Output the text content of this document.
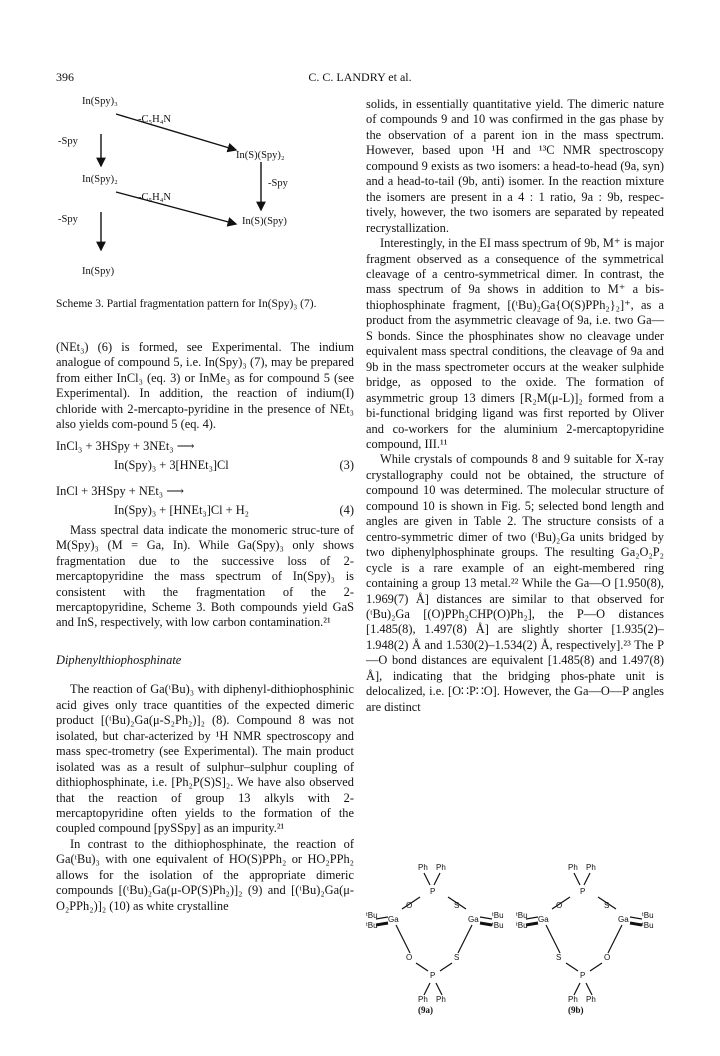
396	C. C. LANDRY et al.
In(Spy)₃
In(S)(Spy)₂
In(Spy)₂
In(S)(Spy)
In(Spy)
-C₅H₄N
-Spy
-Spy
-C₅H₄N
-Spy
Scheme 3. Partial fragmentation pattern for In(Spy)₃ (7).

(NEt₃) (6) is formed, see Experimental. The indium analogue of compound 5, i.e. In(Spy)₃ (7), may be prepared from either InCl₃ (eq. 3) or InMe₃ as for compound 5 (see Experimental). In addition, the reaction of indium(I) chloride with 2-mercapto-pyridine in the presence of NEt₃ also yields com-pound 5 (eq. 4).

InCl₃ + 3HSpy + 3NEt₃ ⟶
In(Spy)₃ + 3[HNEt₃]Cl	(3)
InCl + 3HSpy + NEt₃ ⟶
In(Spy)₃ + [HNEt₃]Cl + H₂	(4)

Mass spectral data indicate the monomeric struc-ture of M(Spy)₃ (M = Ga, In). While Ga(Spy)₃ only shows fragmentation due to the successive loss of 2-mercaptopyridine the mass spectrum of In(Spy)₃ is consistent with the fragmentation of the 2-mercaptopyridine, Scheme 3. Both compounds yield GaS and InS, respectively, with low carbon contamination.²¹

Diphenylthiophosphinate

The reaction of Ga(ᵗBu)₃ with diphenyl-dithiophosphinic acid gives only trace quantities of the expected dimeric product [(ᵗBu)₂Ga(μ-S₂Ph₂)]₂ (8). Compound 8 was not isolated, but char-acterized by ¹H NMR spectroscopy and mass spec-trometry (see Experimental). The main product isolated was as a result of sulphur–sulphur coupling of dithiophosphinate, i.e. [Ph₂P(S)S]₂. We have also observed that the reaction of group 13 alkyls with 2-mercaptopyridine often yields to the formation of the coupled compound [pySSpy] as an impurity.²¹

In contrast to the dithiophosphinate, the reaction of Ga(ᵗBu)₃ with one equivalent of HO(S)PPh₂ or HO₂PPh₂ allows for the isolation of the appropriate dimeric compounds [(ᵗBu)₂Ga(μ-OP(S)Ph₂)]₂ (9) and [(ᵗBu)₂Ga(μ-O₂PPh₂)]₂ (10) as white crystalline

solids, in essentially quantitative yield. The dimeric nature of compounds 9 and 10 was confirmed in the gas phase by the observation of a parent ion in the mass spectrum. However, based upon ¹H and ¹³C NMR spectroscopy compound 9 exists as two isomers: a head-to-head (9a, syn) and a head-to-tail (9b, anti) isomer. In the reaction mixture the isomers are present in a 4 : 1 ratio, 9a : 9b, respec-tively, however, the two isomers are separated by repeated recrystallization.

Interestingly, in the EI mass spectrum of 9b, M⁺ is major fragment observed as a consequence of the symmetrical cleavage of a centro-symmetrical dimer. In contrast, the mass spectrum of 9a shows in addition to M⁺ a bis-thiophosphinate fragment, [(ᵗBu)₂Ga{O(S)PPh₂}₂]⁺, as a product from the asymmetric cleavage of 9a, i.e. two Ga—S bonds. Since the phosphinates show no cleavage under equivalent mass spectral conditions, the cleavage of 9a and 9b in the mass spectrometer occurs at the weaker sulphide bridge, as opposed to the oxide. The formation of asymmetric group 13 dimers [R₂M(μ-L)]₂ formed from a bi-functional bridging ligand was first reported by Oliver and co-workers for the aluminium 2-mercaptopyridine compound, III.¹¹

While crystals of compounds 8 and 9 suitable for X-ray crystallography could not be obtained, the structure of compound 10 was determined. The molecular structure of compound 10 is shown in Fig. 5; selected bond length and angles are given in Table 2. The structure consists of a centro-symmetric dimer of two (ᵗBu)₂Ga units bridged by two diphenylphosphinate groups. The resulting Ga₂O₂P₂ cycle is a rare example of an eight-membered ring containing a group 13 metal.²² While the Ga—O [1.950(8), 1.969(7) Å] distances are similar to that observed for (ᵗBu)₂Ga [(O)PPh₂CHP(O)Ph₂], the P—O distances [1.485(8), 1.497(8) Å] are slightly shorter [1.935(2)– 1.948(2) Å and 1.530(2)–1.534(2) Å, respectively].²³ The P—O bond distances are equivalent [1.485(8) and 1.497(8) Å], indicating that the bridging phos-phate unit is delocalized, i.e. [O∷P∷O]. However, the Ga—O—P angles are distinct

Ph Ph
P
O	S
Ga	Ga
ᵗBu
ᵗBu
ᵗBu
ᵗBu
O	S
P
Ph Ph
(9a)
Ph Ph
P
O	S
Ga	Ga
ᵗBu
ᵗBu
ᵗBu
ᵗBu
S	O
P
Ph Ph
(9b)
